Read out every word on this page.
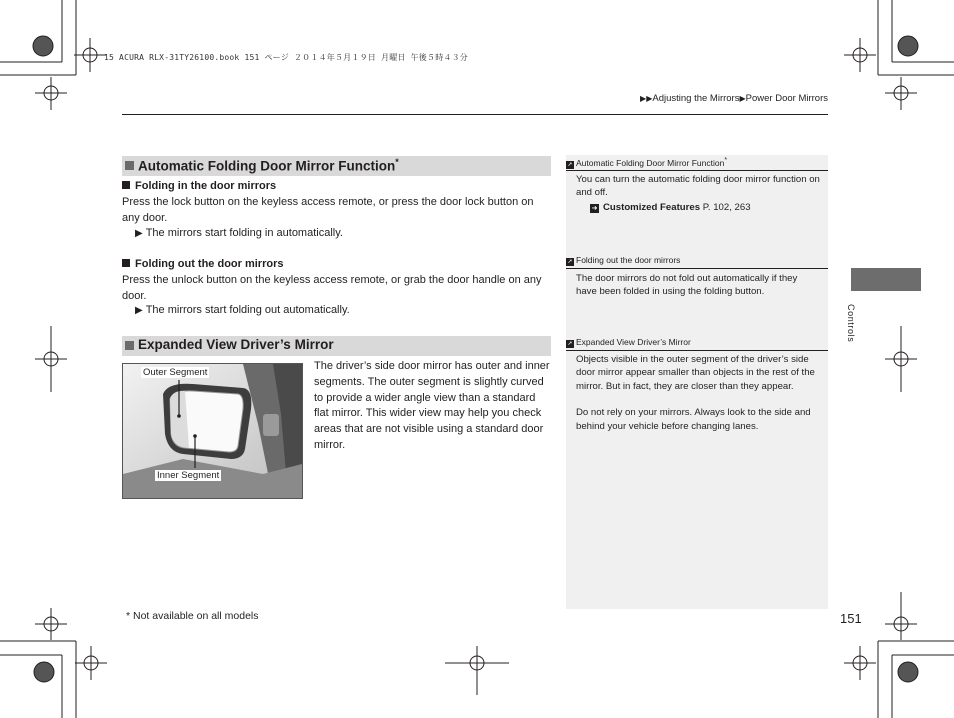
15 ACURA RLX-31TY26100.book 151 ページ ２０１４年５月１９日 月曜日 午後５時４３分
▶▶Adjusting the Mirrors▶Power Door Mirrors
Automatic Folding Door Mirror Function*
Folding in the door mirrors
Press the lock button on the keyless access remote, or press the door lock button on any door.
▶ The mirrors start folding in automatically.
Folding out the door mirrors
Press the unlock button on the keyless access remote, or grab the door handle on any door.
▶ The mirrors start folding out automatically.
Expanded View Driver’s Mirror
Outer Segment
Inner Segment
The driver’s side door mirror has outer and inner segments. The outer segment is slightly curved to provide a wider angle view than a standard flat mirror. This wider view may help you check areas that are not visible using a standard door mirror.
➚ Automatic Folding Door Mirror Function*
You can turn the automatic folding door mirror function on and off.
➜ Customized Features P. 102, 263
➚ Folding out the door mirrors
The door mirrors do not fold out automatically if they have been folded in using the folding button.
➚ Expanded View Driver’s Mirror
Objects visible in the outer segment of the driver’s side door mirror appear smaller than objects in the rest of the mirror. But in fact, they are closer than they appear.
Do not rely on your mirrors. Always look to the side and behind your vehicle before changing lanes.
Controls
* Not available on all models	151
